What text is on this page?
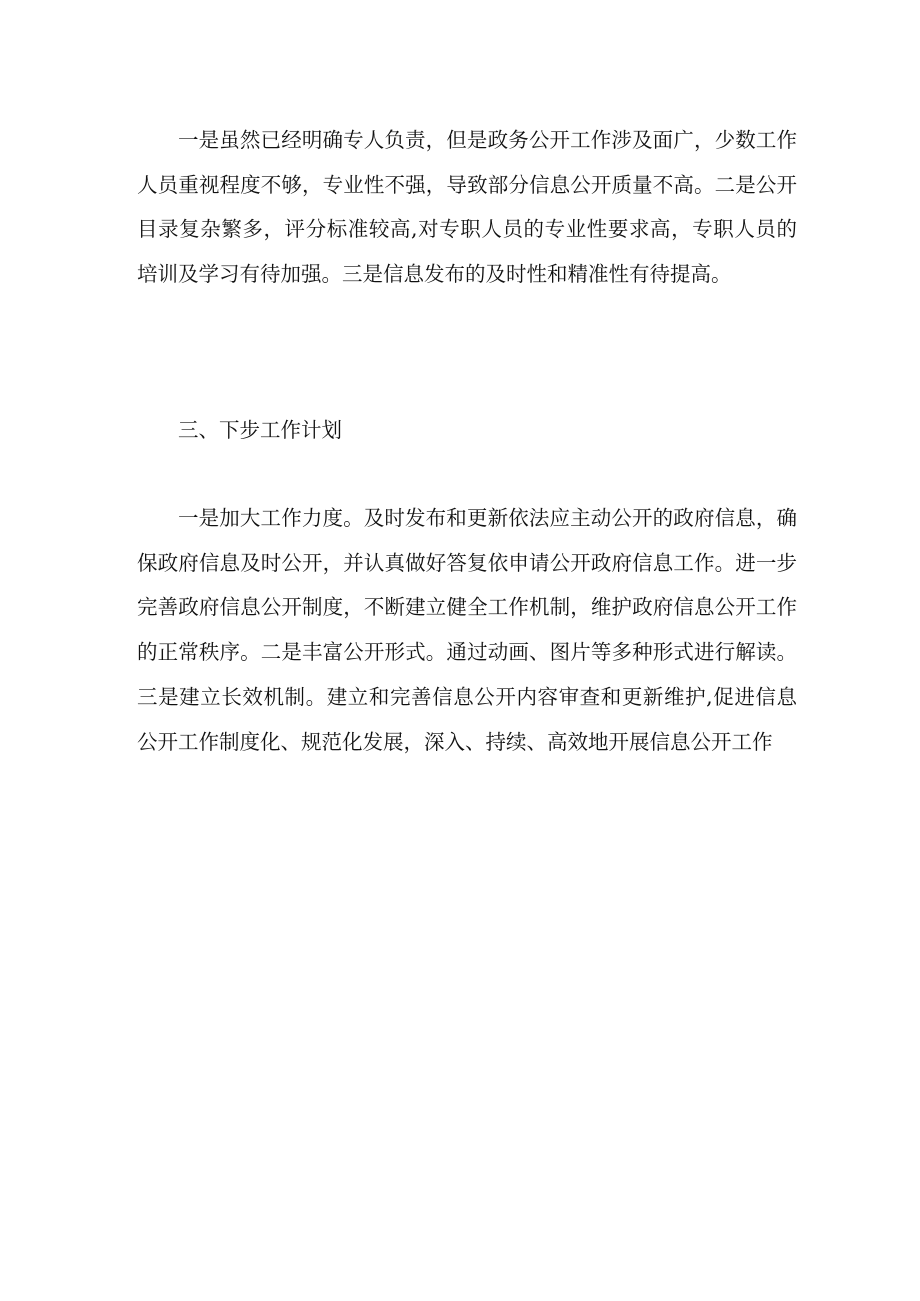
一是虽然已经明确专人负责，但是政务公开工作涉及面广，少数工作人员重视程度不够，专业性不强，导致部分信息公开质量不高。二是公开目录复杂繁多，评分标准较高,对专职人员的专业性要求高，专职人员的培训及学习有待加强。三是信息发布的及时性和精准性有待提高。

三、下步工作计划

一是加大工作力度。及时发布和更新依法应主动公开的政府信息，确保政府信息及时公开，并认真做好答复依申请公开政府信息工作。进一步完善政府信息公开制度，不断建立健全工作机制，维护政府信息公开工作的正常秩序。二是丰富公开形式。通过动画、图片等多种形式进行解读。三是建立长效机制。建立和完善信息公开内容审查和更新维护,促进信息公开工作制度化、规范化发展，深入、持续、高效地开展信息公开工作
